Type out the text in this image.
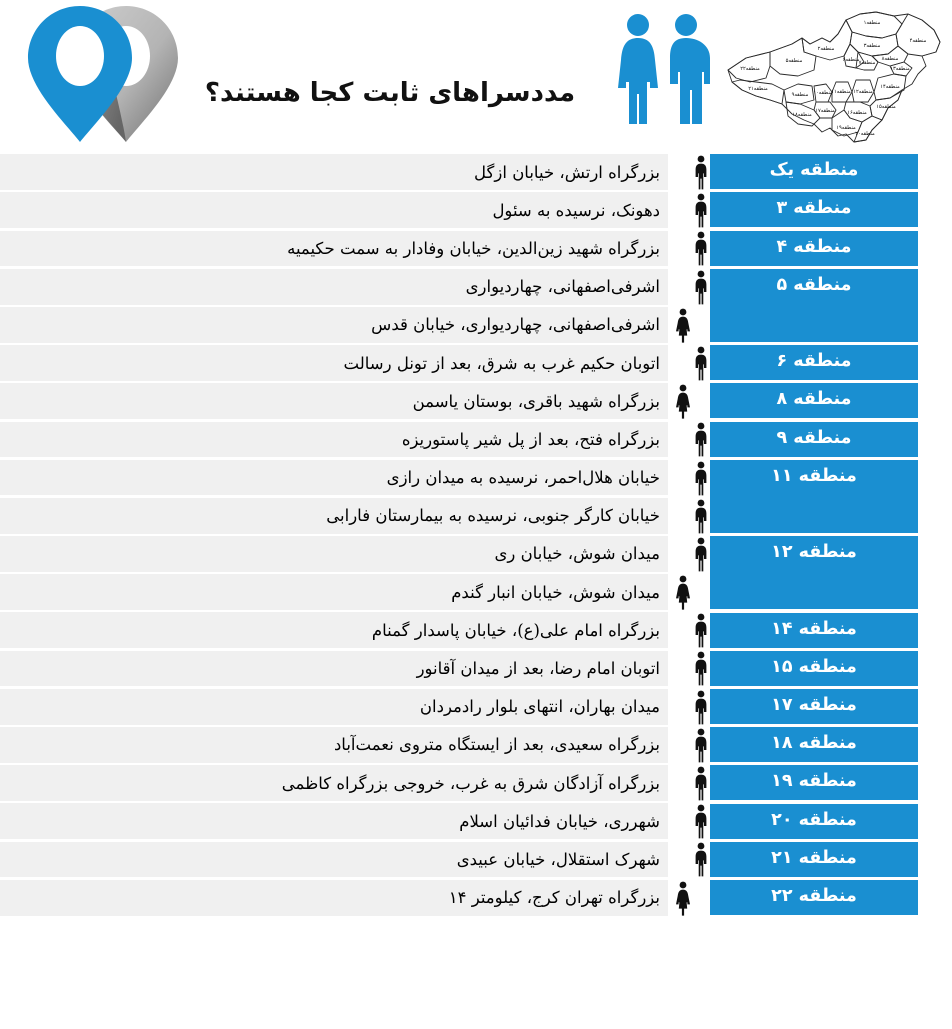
مددسراهای ثابت کجا هستند؟
منطقه۱
منطقه۲	منطقه۳
منطقه۴
منطقه۵	منطقه۶ منطقه۷
منطقه۸
منطقه۹ منطقه۱۰
منطقه۱۱ منطقه۱۲
منطقه۱۳
منطقه۱۴
منطقه۱۵
منطقه۱۶
منطقه۱۷
منطقه۱۸
منطقه۱۹
منطقه۲۰
منطقه۲۱
منطقه۲۲
بزرگراه ارتش، خیابان ازگل
دهونک، نرسیده به سئول
بزرگراه شهید زین‌الدین، خیابان وفادار به سمت حکیمیه
اشرفی‌اصفهانی، چهاردیواری
اشرفی‌اصفهانی، چهاردیواری، خیابان قدس
اتوبان حکیم غرب به شرق، بعد از تونل رسالت
بزرگراه شهید باقری، بوستان یاسمن
بزرگراه فتح، بعد از پل شیر پاستوریزه
خیابان هلال‌احمر، نرسیده به میدان رازی
خیابان کارگر جنوبی، نرسیده به بیمارستان فارابی
میدان شوش، خیابان ری
میدان شوش، خیابان انبار گندم
بزرگراه امام علی(ع)، خیابان پاسدار گمنام
اتوبان امام رضا، بعد از میدان آقانور
میدان بهاران، انتهای بلوار رادمردان
بزرگراه سعیدی، بعد از ایستگاه متروی نعمت‌آباد
بزرگراه آزادگان شرق به غرب، خروجی بزرگراه کاظمی
شهرری، خیابان فدائیان اسلام
شهرک استقلال، خیابان عبیدی
بزرگراه تهران کرج، کیلومتر ۱۴
منطقه یک
منطقه ۳
منطقه ۴
منطقه ۵
منطقه ۶
منطقه ۸
منطقه ۹
منطقه ۱۱
منطقه ۱۲
منطقه ۱۴
منطقه ۱۵
منطقه ۱۷
منطقه ۱۸
منطقه ۱۹
منطقه ۲۰
منطقه ۲۱
منطقه ۲۲
